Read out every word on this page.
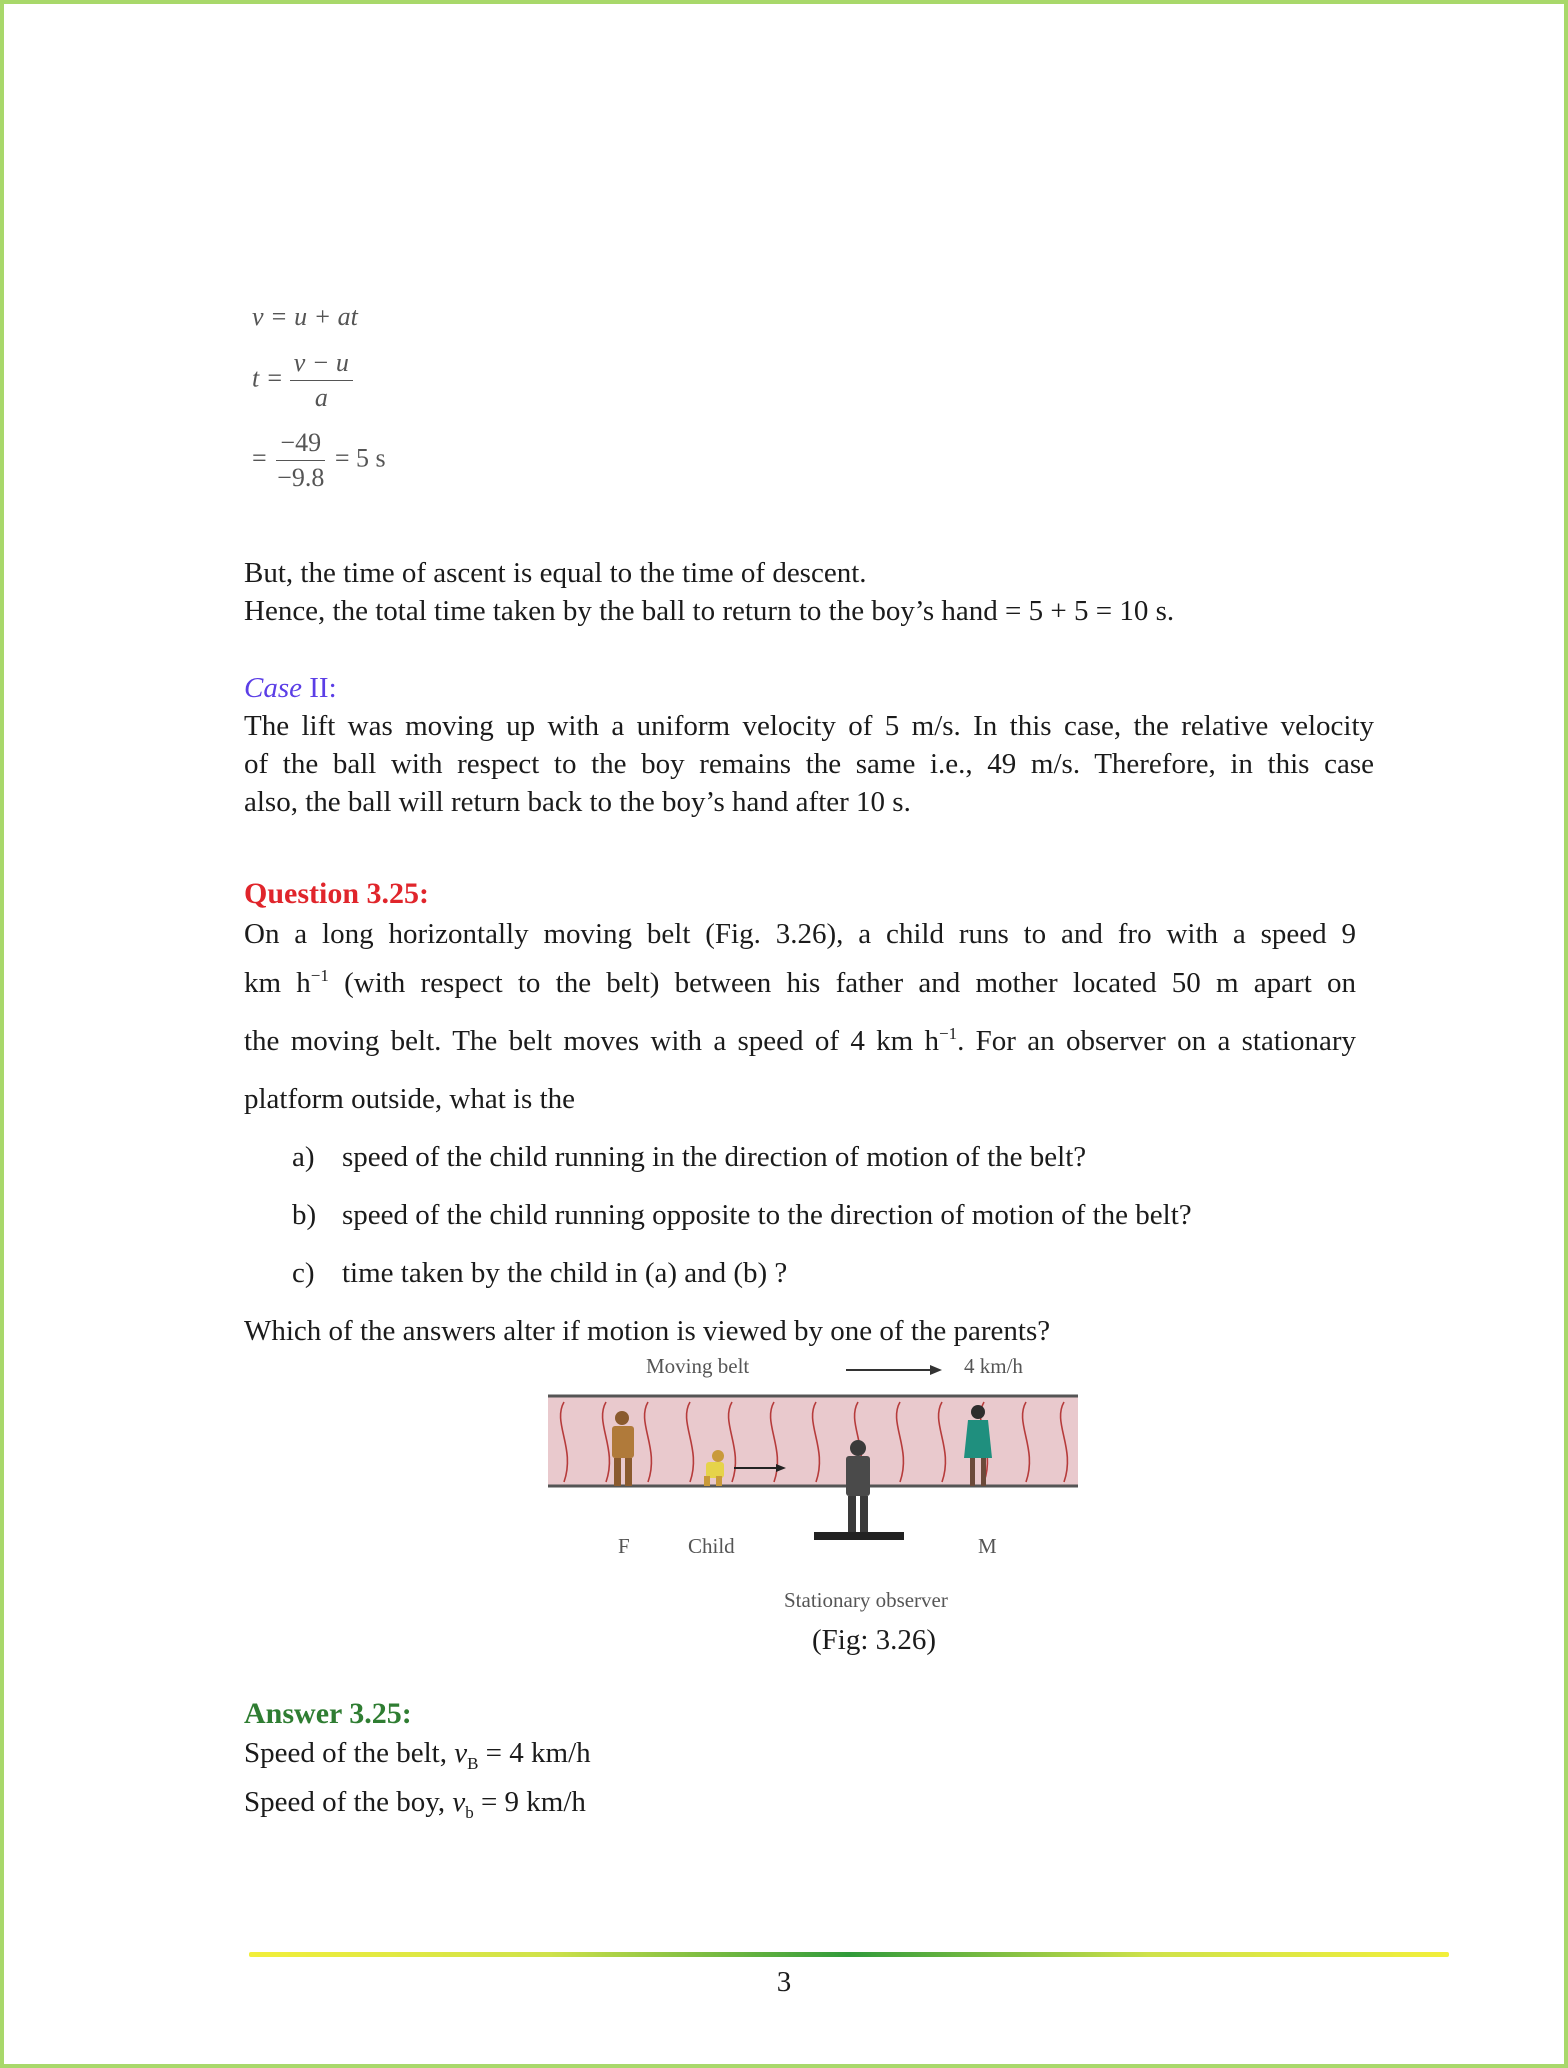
v = u + at
$t = \frac{v - u}{a}$
= $\frac{-49}{-9.8} = 5$ s
But, the time of ascent is equal to the time of descent.
Hence, the total time taken by the ball to return to the boy’s hand = 5 + 5 = 10 s.
Case II:
The lift was moving up with a uniform velocity of 5 m/s. In this case, the relative velocity
of the ball with respect to the boy remains the same i.e., 49 m/s. Therefore, in this case
also, the ball will return back to the boy’s hand after 10 s.
Question 3.25:
On a long horizontally moving belt (Fig. 3.26), a child runs to and fro with a speed 9
km $h^{-1}$ (with respect to the belt) between his father and mother located 50 m apart on
the moving belt. The belt moves with a speed of 4 km $h^{-1}$. For an observer on a stationary
platform outside, what is the
a) speed of the child running in the direction of motion of the belt?
b) speed of the child running opposite to the direction of motion of the belt?
c) time taken by the child in (a) and (b) ?
Which of the answers alter if motion is viewed by one of the parents?
Moving belt	4 km/h
F	Child	M
Stationary observer
(Fig: 3.26)
Answer 3.25:
Speed of the belt, $v_B = 4$ km/h
Speed of the boy, $v_b = 9$ km/h
3
